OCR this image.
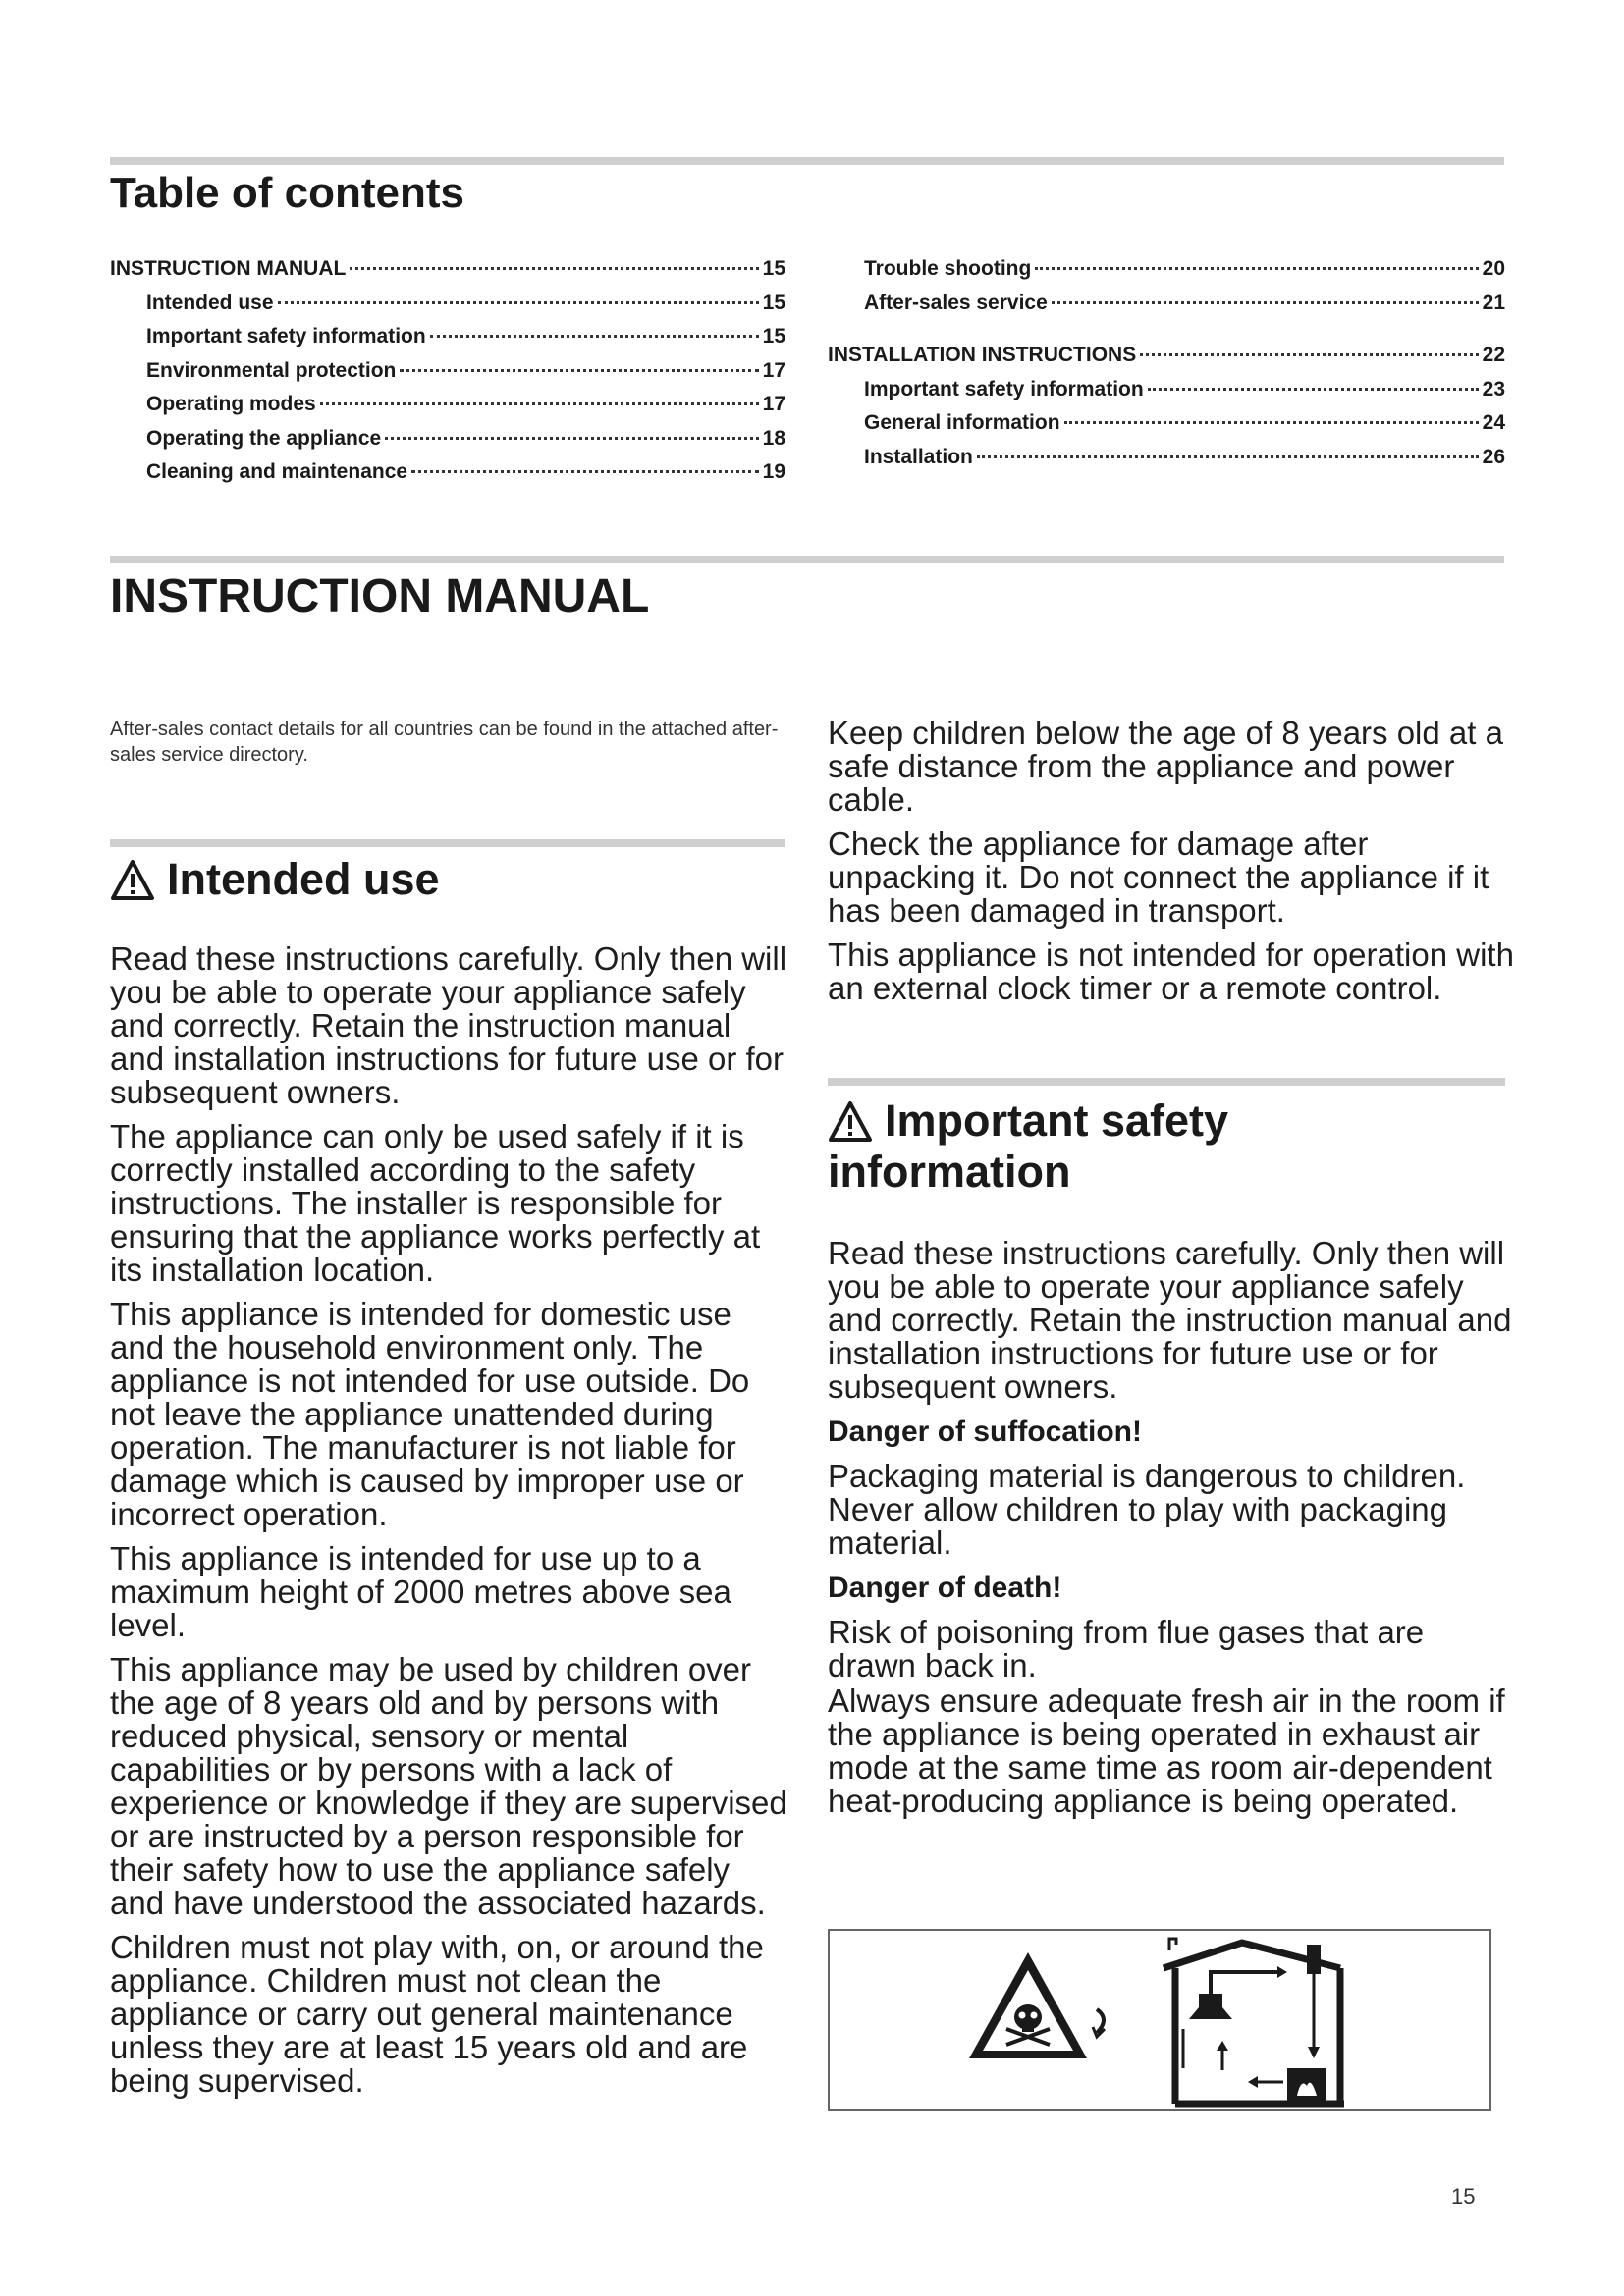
Table of contents
INSTRUCTION MANUAL	15
Intended use	15
Important safety information	15
Environmental protection	17
Operating modes	17
Operating the appliance	18
Cleaning and maintenance	19
Trouble shooting	20
After-sales service	21
INSTALLATION INSTRUCTIONS	22
Important safety information	23
General information	24
Installation	26
INSTRUCTION MANUAL

After-sales contact details for all countries can be found in the attached after-sales service directory.

Intended use

Read these instructions carefully. Only then will you be able to operate your appliance safely and correctly. Retain the instruction manual and installation instructions for future use or for subsequent owners.

The appliance can only be used safely if it is correctly installed according to the safety instructions. The installer is responsible for ensuring that the appliance works perfectly at its installation location.

This appliance is intended for domestic use and the household environment only. The appliance is not intended for use outside. Do not leave the appliance unattended during operation. The manufacturer is not liable for damage which is caused by improper use or incorrect operation.

This appliance is intended for use up to a maximum height of 2000 metres above sea level.

This appliance may be used by children over the age of 8 years old and by persons with reduced physical, sensory or mental capabilities or by persons with a lack of experience or knowledge if they are supervised or are instructed by a person responsible for their safety how to use the appliance safely and have understood the associated hazards.

Children must not play with, on, or around the appliance. Children must not clean the appliance or carry out general maintenance unless they are at least 15 years old and are being supervised.

Keep children below the age of 8 years old at a safe distance from the appliance and power cable.

Check the appliance for damage after unpacking it. Do not connect the appliance if it has been damaged in transport.

This appliance is not intended for operation with an external clock timer or a remote control.

Important safety
information

Read these instructions carefully. Only then will you be able to operate your appliance safely and correctly. Retain the instruction manual and installation instructions for future use or for subsequent owners.

Danger of suffocation!

Packaging material is dangerous to children. Never allow children to play with packaging material.

Danger of death!

Risk of poisoning from flue gases that are drawn back in.

Always ensure adequate fresh air in the room if the appliance is being operated in exhaust air mode at the same time as room air-dependent heat-producing appliance is being operated.

15
